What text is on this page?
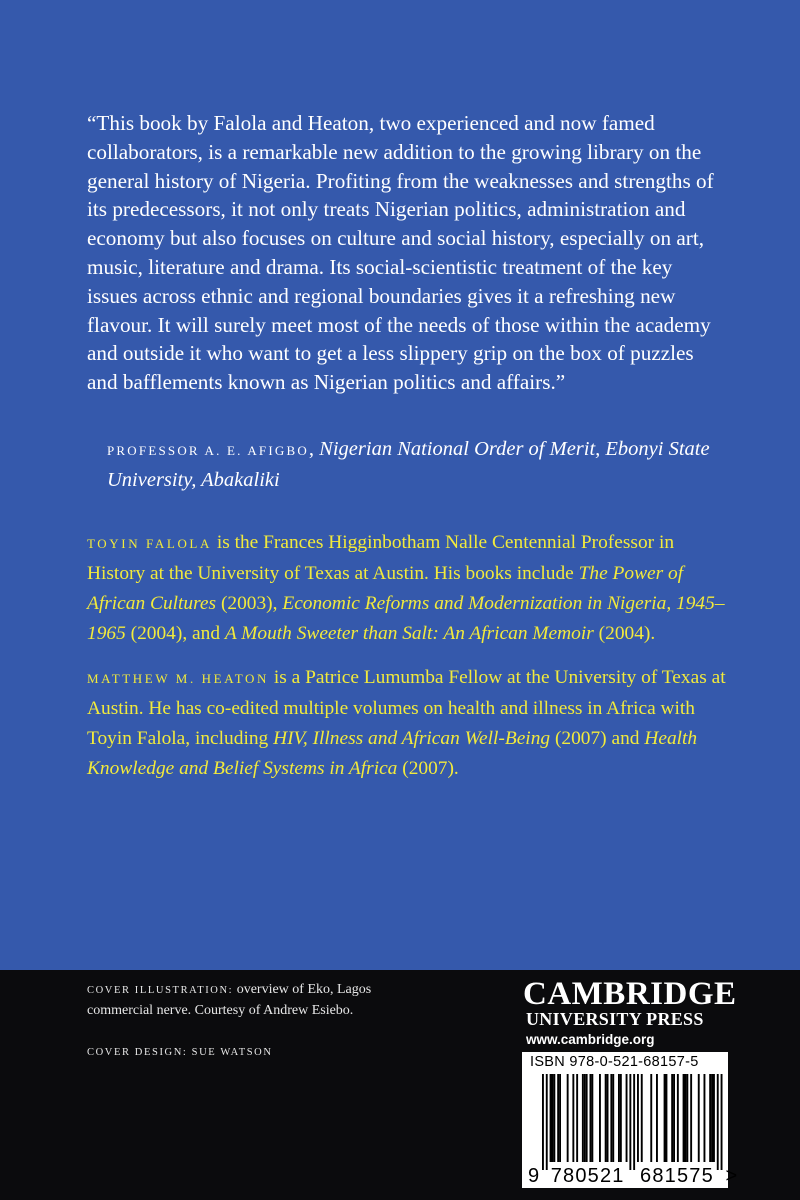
“This book by Falola and Heaton, two experienced and now famed collaborators, is a remarkable new addition to the growing library on the general history of Nigeria. Profiting from the weaknesses and strengths of its predecessors, it not only treats Nigerian politics, administration and economy but also focuses on culture and social history, especially on art, music, literature and drama. Its social-scientistic treatment of the key issues across ethnic and regional boundaries gives it a refreshing new flavour. It will surely meet most of the needs of those within the academy and outside it who want to get a less slippery grip on the box of puzzles and bafflements known as Nigerian politics and affairs.”

PROFESSOR A. E. AFIGBO, Nigerian National Order of Merit, Ebonyi State University, Abakaliki

TOYIN FALOLA is the Frances Higginbotham Nalle Centennial Professor in History at the University of Texas at Austin. His books include The Power of African Cultures (2003), Economic Reforms and Modernization in Nigeria, 1945–1965 (2004), and A Mouth Sweeter than Salt: An African Memoir (2004).

MATTHEW M. HEATON is a Patrice Lumumba Fellow at the University of Texas at Austin. He has co-edited multiple volumes on health and illness in Africa with Toyin Falola, including HIV, Illness and African Well-Being (2007) and Health Knowledge and Belief Systems in Africa (2007).

COVER ILLUSTRATION: overview of Eko, Lagos commercial nerve. Courtesy of Andrew Esiebo.

COVER DESIGN: SUE WATSON

CAMBRIDGE
UNIVERSITY PRESS
www.cambridge.org
ISBN 978-0-521-68157-5
9 780521 681575 >
